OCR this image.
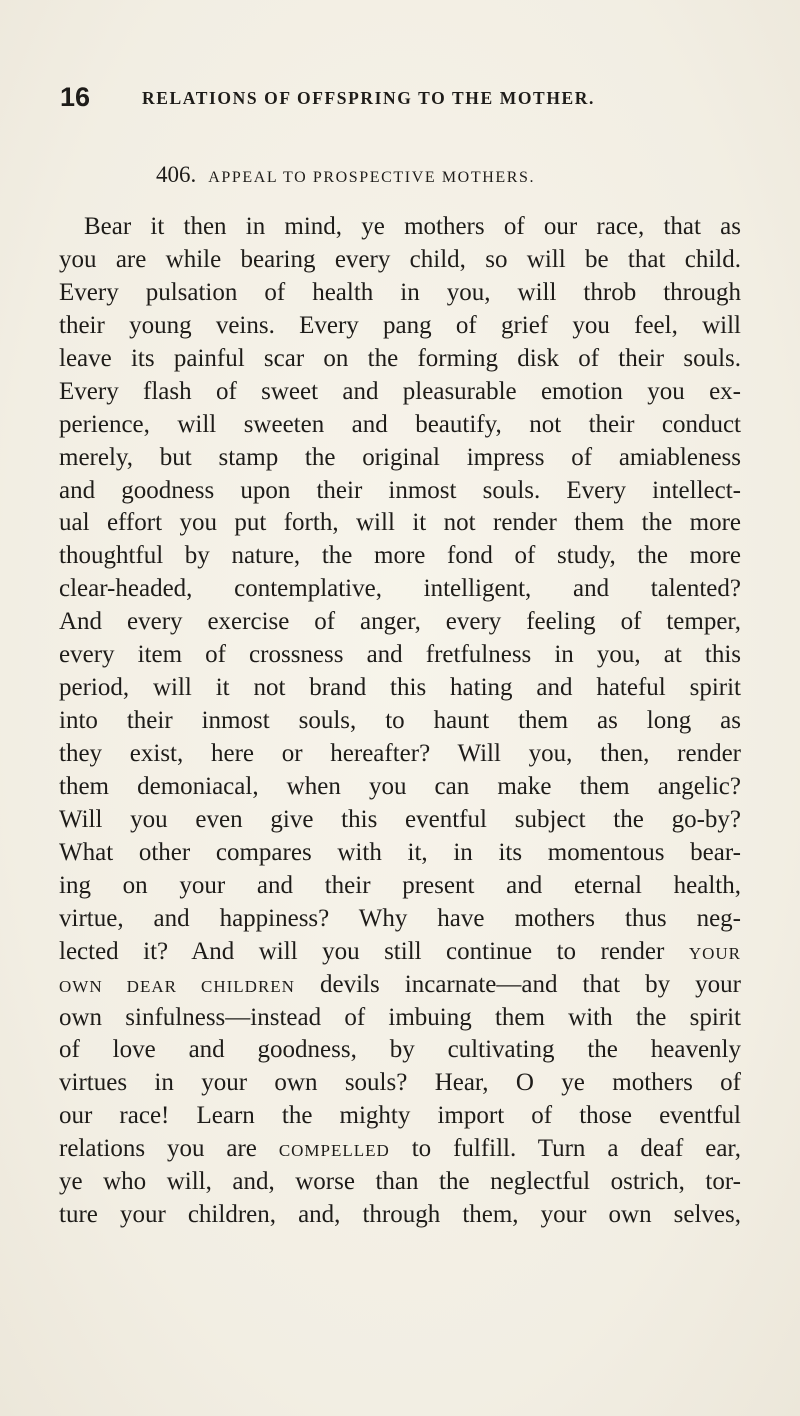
16	RELATIONS OF OFFSPRING TO THE MOTHER.
406. APPEAL TO PROSPECTIVE MOTHERS.
Bear it then in mind, ye mothers of our race, that as
you are while bearing every child, so will be that child.
Every pulsation of health in you, will throb through
their young veins. Every pang of grief you feel, will
leave its painful scar on the forming disk of their souls.
Every flash of sweet and pleasurable emotion you ex-
perience, will sweeten and beautify, not their conduct
merely, but stamp the original impress of amiableness
and goodness upon their inmost souls. Every intellect-
ual effort you put forth, will it not render them the more
thoughtful by nature, the more fond of study, the more
clear-headed, contemplative, intelligent, and talented?
And every exercise of anger, every feeling of temper,
every item of crossness and fretfulness in you, at this
period, will it not brand this hating and hateful spirit
into their inmost souls, to haunt them as long as
they exist, here or hereafter? Will you, then, render
them demoniacal, when you can make them angelic?
Will you even give this eventful subject the go-by?
What other compares with it, in its momentous bear-
ing on your and their present and eternal health,
virtue, and happiness? Why have mothers thus neg-
lected it? And will you still continue to render YOUR
OWN DEAR CHILDREN devils incarnate—and that by your
own sinfulness—instead of imbuing them with the spirit
of love and goodness, by cultivating the heavenly
virtues in your own souls? Hear, O ye mothers of
our race! Learn the mighty import of those eventful
relations you are COMPELLED to fulfill. Turn a deaf ear,
ye who will, and, worse than the neglectful ostrich, tor-
ture your children, and, through them, your own selves,
